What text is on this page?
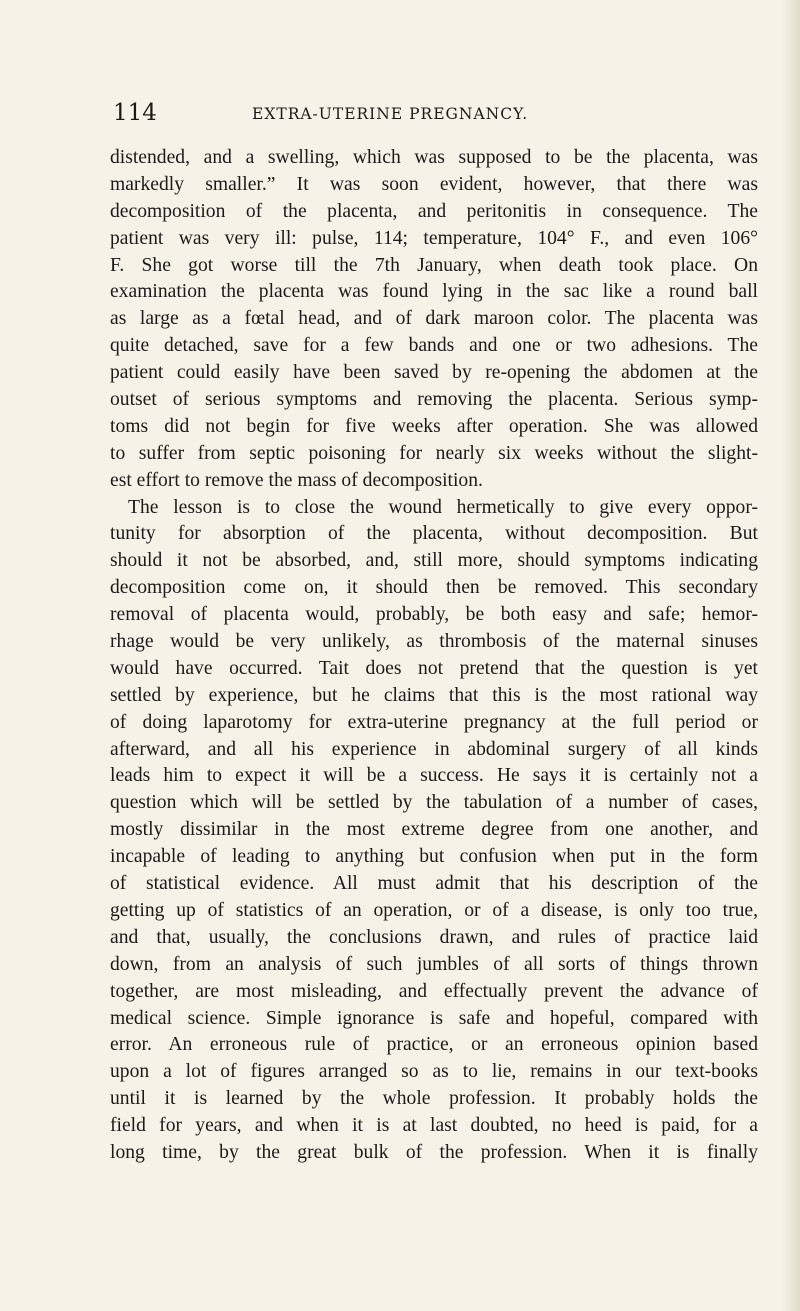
114	EXTRA-UTERINE PREGNANCY.
distended, and a swelling, which was supposed to be the placenta, was
markedly smaller.” It was soon evident, however, that there was
decomposition of the placenta, and peritonitis in consequence. The
patient was very ill: pulse, 114; temperature, 104° F., and even 106°
F. She got worse till the 7th January, when death took place. On
examination the placenta was found lying in the sac like a round ball
as large as a fœtal head, and of dark maroon color. The placenta was
quite detached, save for a few bands and one or two adhesions. The
patient could easily have been saved by re-opening the abdomen at the
outset of serious symptoms and removing the placenta. Serious symp-
toms did not begin for five weeks after operation. She was allowed
to suffer from septic poisoning for nearly six weeks without the slight-
est effort to remove the mass of decomposition.
The lesson is to close the wound hermetically to give every oppor-
tunity for absorption of the placenta, without decomposition. But
should it not be absorbed, and, still more, should symptoms indicating
decomposition come on, it should then be removed. This secondary
removal of placenta would, probably, be both easy and safe; hemor-
rhage would be very unlikely, as thrombosis of the maternal sinuses
would have occurred. Tait does not pretend that the question is yet
settled by experience, but he claims that this is the most rational way
of doing laparotomy for extra-uterine pregnancy at the full period or
afterward, and all his experience in abdominal surgery of all kinds
leads him to expect it will be a success. He says it is certainly not a
question which will be settled by the tabulation of a number of cases,
mostly dissimilar in the most extreme degree from one another, and
incapable of leading to anything but confusion when put in the form
of statistical evidence. All must admit that his description of the
getting up of statistics of an operation, or of a disease, is only too true,
and that, usually, the conclusions drawn, and rules of practice laid
down, from an analysis of such jumbles of all sorts of things thrown
together, are most misleading, and effectually prevent the advance of
medical science. Simple ignorance is safe and hopeful, compared with
error. An erroneous rule of practice, or an erroneous opinion based
upon a lot of figures arranged so as to lie, remains in our text-books
until it is learned by the whole profession. It probably holds the
field for years, and when it is at last doubted, no heed is paid, for a
long time, by the great bulk of the profession. When it is finally
